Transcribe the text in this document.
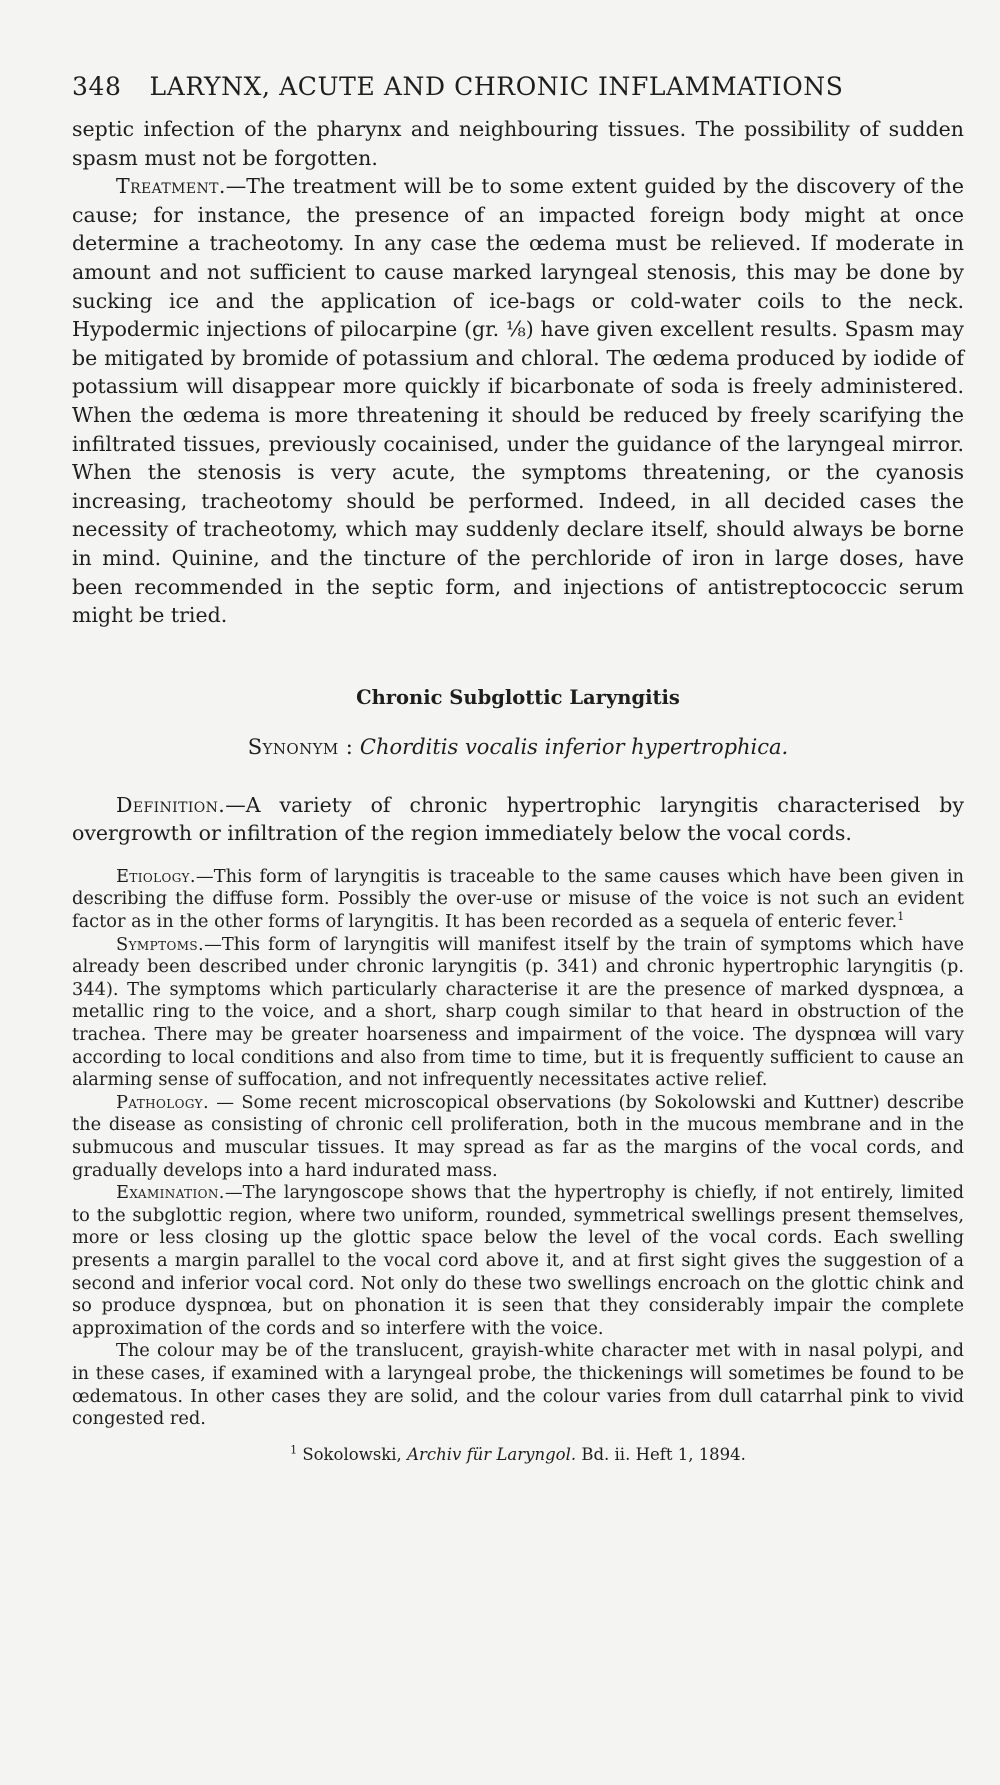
348 LARYNX, ACUTE AND CHRONIC INFLAMMATIONS

septic infection of the pharynx and neighbouring tissues. The possibility of sudden spasm must not be forgotten.

Treatment.—The treatment will be to some extent guided by the discovery of the cause; for instance, the presence of an impacted foreign body might at once determine a tracheotomy. In any case the œdema must be relieved. If moderate in amount and not sufficient to cause marked laryngeal stenosis, this may be done by sucking ice and the application of ice-bags or cold-water coils to the neck. Hypodermic injections of pilocarpine (gr. ⅛) have given excellent results. Spasm may be mitigated by bromide of potassium and chloral. The œdema produced by iodide of potassium will disappear more quickly if bicarbonate of soda is freely administered. When the œdema is more threatening it should be reduced by freely scarifying the infiltrated tissues, previously cocainised, under the guidance of the laryngeal mirror. When the stenosis is very acute, the symptoms threatening, or the cyanosis increasing, tracheotomy should be performed. Indeed, in all decided cases the necessity of tracheotomy, which may suddenly declare itself, should always be borne in mind. Quinine, and the tincture of the perchloride of iron in large doses, have been recommended in the septic form, and injections of antistreptococcic serum might be tried.

Chronic Subglottic Laryngitis
Synonym : Chorditis vocalis inferior hypertrophica.

Definition.—A variety of chronic hypertrophic laryngitis characterised by overgrowth or infiltration of the region immediately below the vocal cords.

Etiology.—This form of laryngitis is traceable to the same causes which have been given in describing the diffuse form. Possibly the over-use or misuse of the voice is not such an evident factor as in the other forms of laryngitis. It has been recorded as a sequela of enteric fever.$^1$

Symptoms.—This form of laryngitis will manifest itself by the train of symptoms which have already been described under chronic laryngitis (p. 341) and chronic hypertrophic laryngitis (p. 344). The symptoms which particularly characterise it are the presence of marked dyspnœa, a metallic ring to the voice, and a short, sharp cough similar to that heard in obstruction of the trachea. There may be greater hoarseness and impairment of the voice. The dyspnœa will vary according to local conditions and also from time to time, but it is frequently sufficient to cause an alarming sense of suffocation, and not infrequently necessitates active relief.

Pathology. — Some recent microscopical observations (by Sokolowski and Kuttner) describe the disease as consisting of chronic cell proliferation, both in the mucous membrane and in the submucous and muscular tissues. It may spread as far as the margins of the vocal cords, and gradually develops into a hard indurated mass.

Examination.—The laryngoscope shows that the hypertrophy is chiefly, if not entirely, limited to the subglottic region, where two uniform, rounded, symmetrical swellings present themselves, more or less closing up the glottic space below the level of the vocal cords. Each swelling presents a margin parallel to the vocal cord above it, and at first sight gives the suggestion of a second and inferior vocal cord. Not only do these two swellings encroach on the glottic chink and so produce dyspnœa, but on phonation it is seen that they considerably impair the complete approximation of the cords and so interfere with the voice.

The colour may be of the translucent, grayish-white character met with in nasal polypi, and in these cases, if examined with a laryngeal probe, the thickenings will sometimes be found to be œdematous. In other cases they are solid, and the colour varies from dull catarrhal pink to vivid congested red.

$^1$ Sokolowski, Archiv für Laryngol. Bd. ii. Heft 1, 1894.
